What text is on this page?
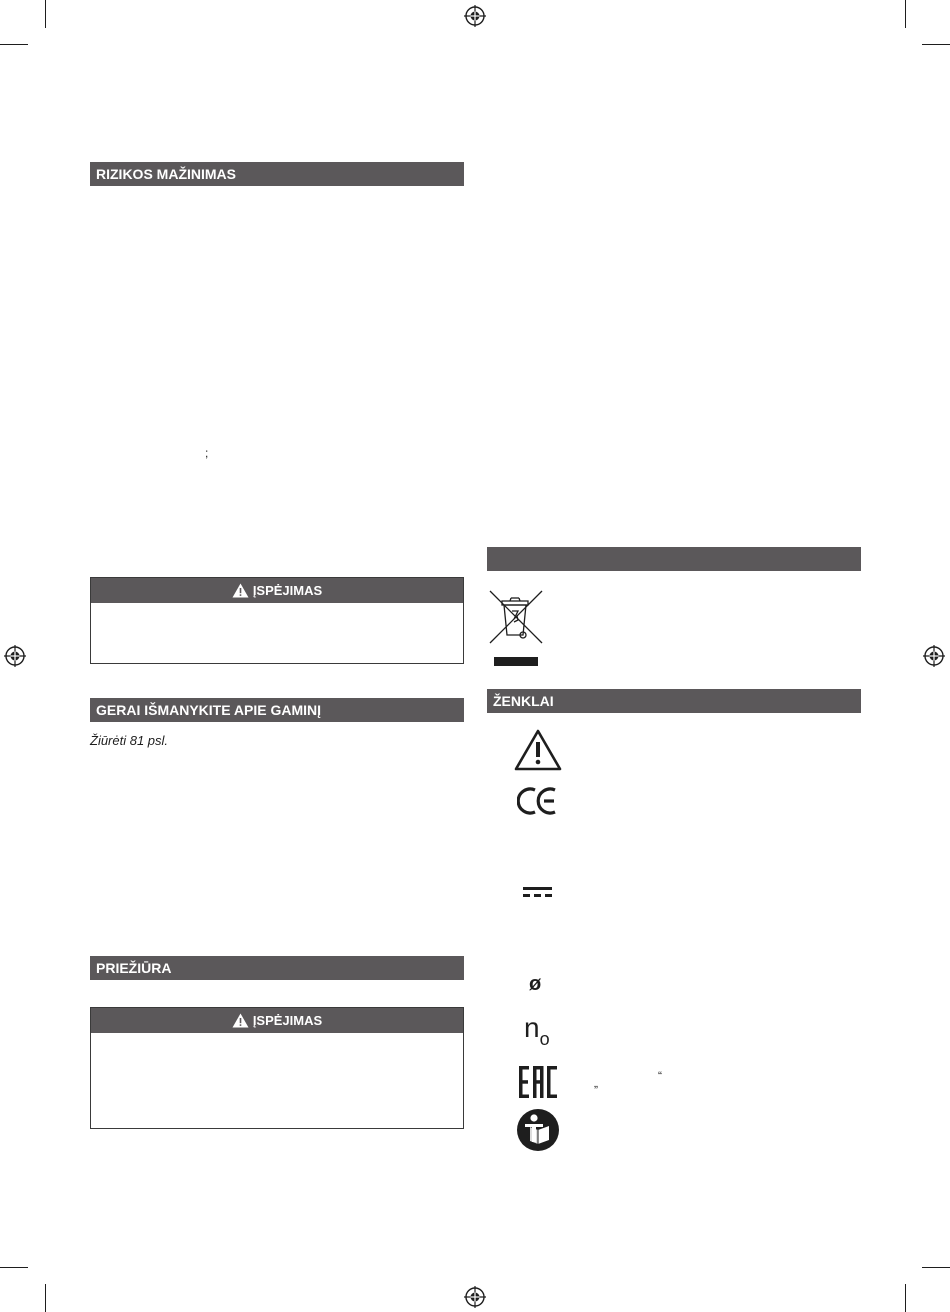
RIZIKOS MAŽINIMAS
;
ĮSPĖJIMAS
GERAI IŠMANYKITE APIE GAMINĮ
Žiūrėti 81 psl.
PRIEŽIŪRA
ĮSPĖJIMAS
ŽENKLAI
ø
$n_o$
„	“
